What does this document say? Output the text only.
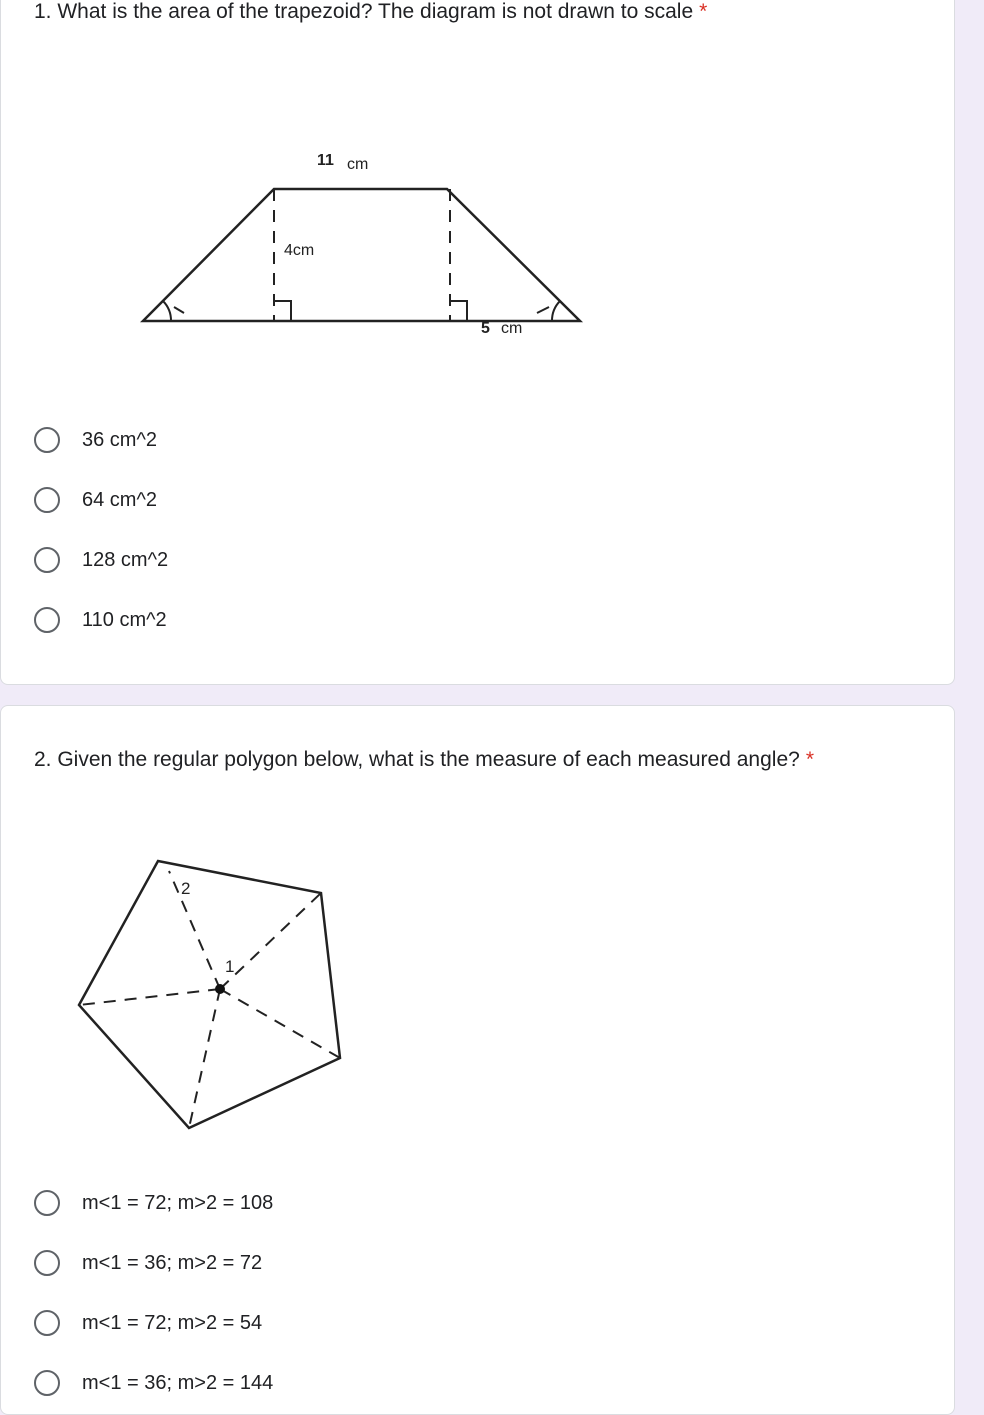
1. What is the area of the trapezoid? The diagram is not drawn to scale *
11 cm
4cm
5 cm
36 cm^2
64 cm^2
128 cm^2
110 cm^2
2. Given the regular polygon below, what is the measure of each measured angle? *
2
1
m<1 = 72; m>2 = 108
m<1 = 36; m>2 = 72
m<1 = 72; m>2 = 54
m<1 = 36; m>2 = 144
